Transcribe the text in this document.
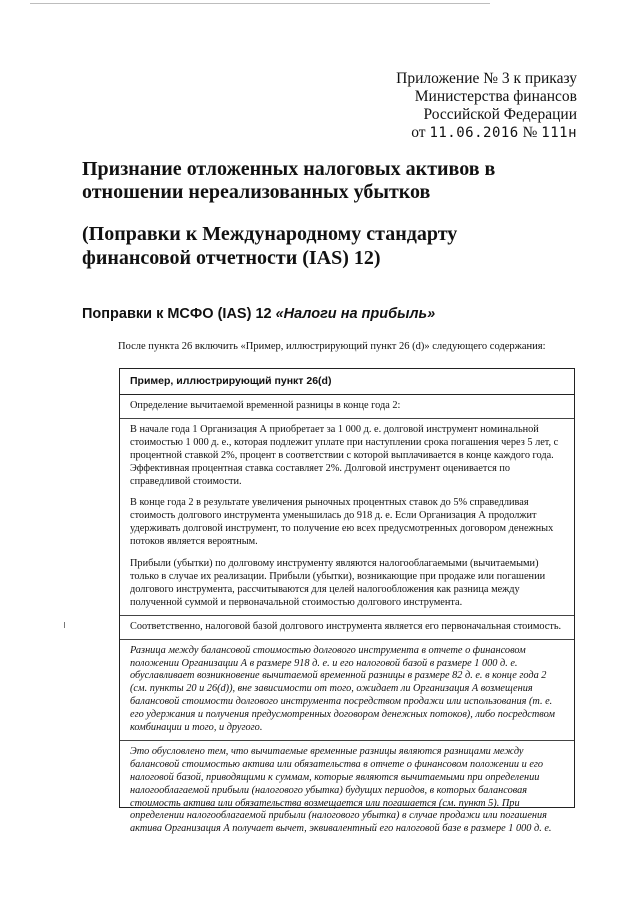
Приложение № 3 к приказу
Министерства финансов
Российской Федерации
от 11.06.2016 № 111н
Признание отложенных налоговых активов в отношении нереализованных убытков
(Поправки к Международному стандарту финансовой отчетности (IAS) 12)
Поправки к МСФО (IAS) 12 «Налоги на прибыль»

После пункта 26 включить «Пример, иллюстрирующий пункт 26 (d)» следующего содержания:

Пример, иллюстрирующий пункт 26(d)

Определение вычитаемой временной разницы в конце года 2:

В начале года 1 Организация А приобретает за 1 000 д. е. долговой инструмент номинальной стоимостью 1 000 д. е., которая подлежит уплате при наступлении срока погашения через 5 лет, с процентной ставкой 2%, процент в соответствии с которой выплачивается в конце каждого года. Эффективная процентная ставка составляет 2%. Долговой инструмент оценивается по справедливой стоимости.

В конце года 2 в результате увеличения рыночных процентных ставок до 5% справедливая стоимость долгового инструмента уменьшилась до 918 д. е. Если Организация А продолжит удерживать долговой инструмент, то получение ею всех предусмотренных договором денежных потоков является вероятным.

Прибыли (убытки) по долговому инструменту являются налогооблагаемыми (вычитаемыми) только в случае их реализации. Прибыли (убытки), возникающие при продаже или погашении долгового инструмента, рассчитываются для целей налогообложения как разница между полученной суммой и первоначальной стоимостью долгового инструмента.

Соответственно, налоговой базой долгового инструмента является его первоначальная стоимость.

Разница между балансовой стоимостью долгового инструмента в отчете о финансовом положении Организации А в размере 918 д. е. и его налоговой базой в размере 1 000 д. е. обуславливает возникновение вычитаемой временной разницы в размере 82 д. е. в конце года 2 (см. пункты 20 и 26(d)), вне зависимости от того, ожидает ли Организация А возмещения балансовой стоимости долгового инструмента посредством продажи или использования (т. е. его удержания и получения предусмотренных договором денежных потоков), либо посредством комбинации и того, и другого.

Это обусловлено тем, что вычитаемые временные разницы являются разницами между балансовой стоимостью актива или обязательства в отчете о финансовом положении и его налоговой базой, приводящими к суммам, которые являются вычитаемыми при определении налогооблагаемой прибыли (налогового убытка) будущих периодов, в которых балансовая стоимость актива или обязательства возмещается или погашается (см. пункт 5). При определении налогооблагаемой прибыли (налогового убытка) в случае продажи или погашения актива Организация А получает вычет, эквивалентный его налоговой базе в размере 1 000 д. е.
